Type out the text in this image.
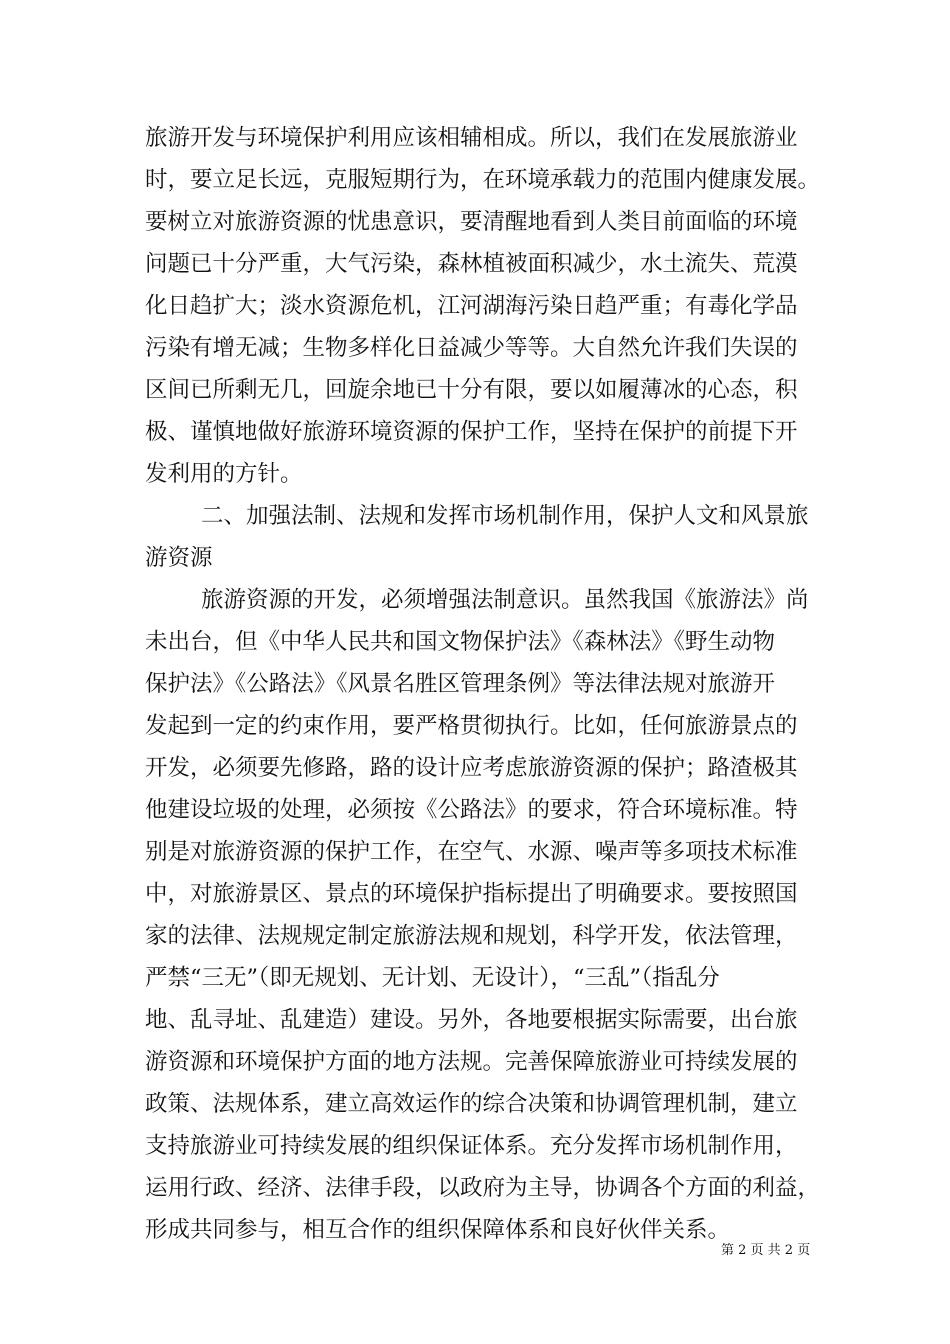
旅游开发与环境保护利用应该相辅相成。所以，我们在发展旅游业
时，要立足长远，克服短期行为，在环境承载力的范围内健康发展。
要树立对旅游资源的忧患意识，要清醒地看到人类目前面临的环境
问题已十分严重，大气污染，森林植被面积减少，水土流失、荒漠
化日趋扩大；淡水资源危机，江河湖海污染日趋严重；有毒化学品
污染有增无减；生物多样化日益减少等等。大自然允许我们失误的
区间已所剩无几，回旋余地已十分有限，要以如履薄冰的心态，积
极、谨慎地做好旅游环境资源的保护工作，坚持在保护的前提下开
发利用的方针。
二、加强法制、法规和发挥市场机制作用，保护人文和风景旅
游资源
旅游资源的开发，必须增强法制意识。虽然我国《旅游法》尚
未出台，但《中华人民共和国文物保护法》《森林法》《野生动物
保护法》《公路法》《风景名胜区管理条例》等法律法规对旅游开
发起到一定的约束作用，要严格贯彻执行。比如，任何旅游景点的
开发，必须要先修路，路的设计应考虑旅游资源的保护；路渣极其
他建设垃圾的处理，必须按《公路法》的要求，符合环境标准。特
别是对旅游资源的保护工作，在空气、水源、噪声等多项技术标准
中，对旅游景区、景点的环境保护指标提出了明确要求。要按照国
家的法律、法规规定制定旅游法规和规划，科学开发，依法管理，
严禁“三无”（即无规划、无计划、无设计），“三乱”（指乱分
地、乱寻址、乱建造）建设。另外，各地要根据实际需要，出台旅
游资源和环境保护方面的地方法规。完善保障旅游业可持续发展的
政策、法规体系，建立高效运作的综合决策和协调管理机制，建立
支持旅游业可持续发展的组织保证体系。充分发挥市场机制作用，
运用行政、经济、法律手段，以政府为主导，协调各个方面的利益，
形成共同参与，相互合作的组织保障体系和良好伙伴关系。
第 2 页 共 2 页
